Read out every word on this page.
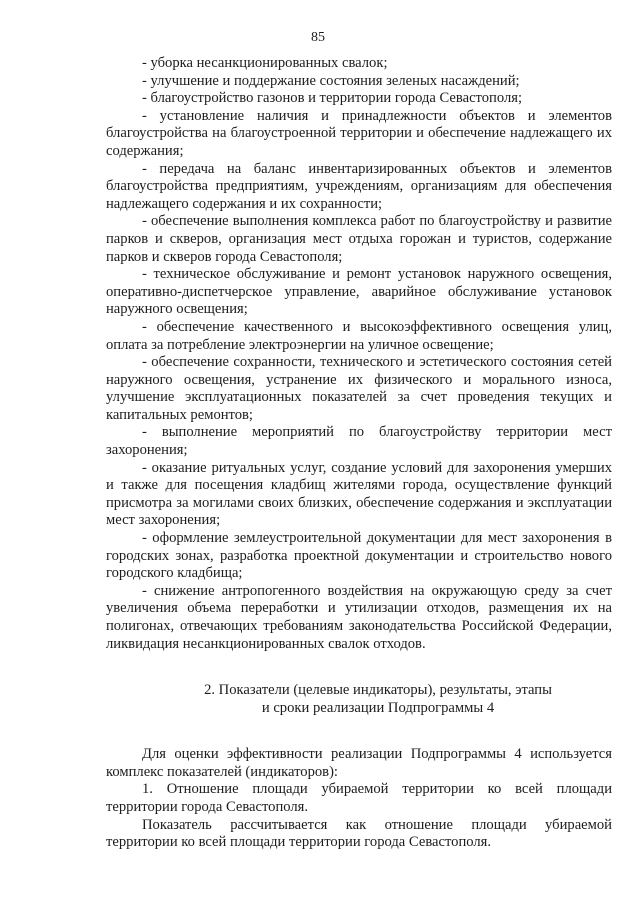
85

- уборка несанкционированных свалок;

- улучшение и поддержание состояния зеленых насаждений;

- благоустройство газонов и территории города Севастополя;

- установление наличия и принадлежности объектов и элементов благоустройства на благоустроенной территории и обеспечение надлежащего их содержания;

- передача на баланс инвентаризированных объектов и элементов благоустройства предприятиям, учреждениям, организациям для обеспечения надлежащего содержания и их сохранности;

- обеспечение выполнения комплекса работ по благоустройству и развитие парков и скверов, организация мест отдыха горожан и туристов, содержание парков и скверов города Севастополя;

- техническое обслуживание и ремонт установок наружного освещения, оперативно-диспетчерское управление, аварийное обслуживание установок наружного освещения;

- обеспечение качественного и высокоэффективного освещения улиц, оплата за потребление электроэнергии на уличное освещение;

- обеспечение сохранности, технического и эстетического состояния сетей наружного освещения, устранение их физического и морального износа, улучшение эксплуатационных показателей за счет проведения текущих и капитальных ремонтов;

- выполнение мероприятий по благоустройству территории мест захоронения;

- оказание ритуальных услуг, создание условий для захоронения умерших и также для посещения кладбищ жителями города, осуществление функций присмотра за могилами своих близких, обеспечение содержания и эксплуатации мест захоронения;

- оформление землеустроительной документации для мест захоронения в городских зонах, разработка проектной документации и строительство нового городского кладбища;

- снижение антропогенного воздействия на окружающую среду за счет увеличения объема переработки и утилизации отходов, размещения их на полигонах, отвечающих требованиям законодательства Российской Федерации, ликвидация несанкционированных свалок отходов.

2. Показатели (целевые индикаторы), результаты, этапы
и сроки реализации Подпрограммы 4

Для оценки эффективности реализации Подпрограммы 4 используется комплекс показателей (индикаторов):

1. Отношение площади убираемой территории ко всей площади территории города Севастополя.

Показатель рассчитывается как отношение площади убираемой территории ко всей площади территории города Севастополя.
